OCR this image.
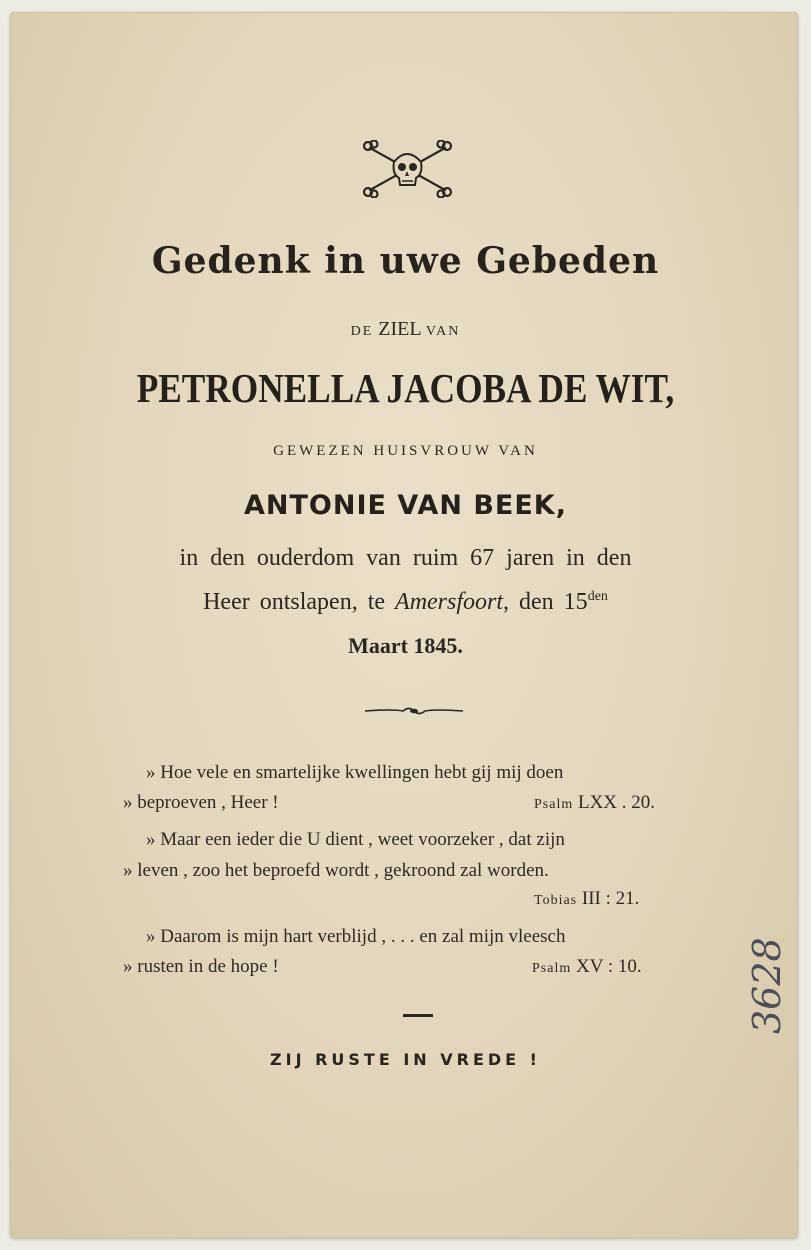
Gedenk in uwe Gebeden
DE ZIEL VAN
PETRONELLA JACOBA DE WIT,
GEWEZEN HUISVROUW VAN
ANTONIE VAN BEEK,
in den ouderdom van ruim 67 jaren in den
Heer ontslapen, te Amersfoort, den $15^{den}$
Maart 1845.
» Hoe vele en smartelijke kwellingen hebt gij mij doen
» beproeven , Heer !	Psalm LXX . 20.
» Maar een ieder die U dient , weet voorzeker , dat zijn
» leven , zoo het beproefd wordt , gekroond zal worden.
Tobias III : 21.
» Daarom is mijn hart verblijd , . . . en zal mijn vleesch
» rusten in de hope !	Psalm XV : 10.
ZIJ RUSTE IN VREDE !
3628
